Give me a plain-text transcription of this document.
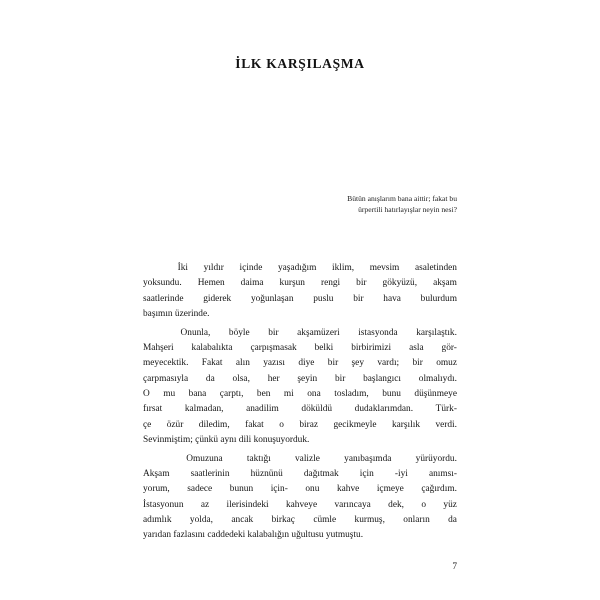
İLK KARŞILAŞMA
Bütün anışlarım bana aittir; fakat bu
ürpertili hatırlayışlar neyin nesi?

İki yıldır içinde yaşadığım iklim, mevsim asaletinden
yoksundu. Hemen daima kurşun rengi bir gökyüzü, akşam
saatlerinde giderek yoğunlaşan puslu bir hava bulurdum
başımın üzerinde.

Onunla, böyle bir akşamüzeri istasyonda karşılaştık.
Mahşeri kalabalıkta çarpışmasak belki birbirimizi asla gör-
meyecektik. Fakat alın yazısı diye bir şey vardı; bir omuz
çarpmasıyla da olsa, her şeyin bir başlangıcı olmalıydı.
O mu bana çarptı, ben mi ona tosladım, bunu düşünmeye
fırsat kalmadan, anadilim döküldü dudaklarımdan. Türk-
çe özür diledim, fakat o biraz gecikmeyle karşılık verdi.
Sevinmiştim; çünkü aynı dili konuşuyorduk.

Omuzuna	taktığı	valizle	yanıbaşımda	yürüyordu.
Akşam saatlerinin hüznünü dağıtmak için -iyi anımsı-
yorum, sadece bunun için- onu kahve içmeye çağırdım.
İstasyonun az ilerisindeki kahveye varıncaya dek, o yüz
adımlık yolda, ancak birkaç cümle kurmuş, onların da
yarıdan fazlasını caddedeki kalabalığın uğultusu yutmuştu.

7
